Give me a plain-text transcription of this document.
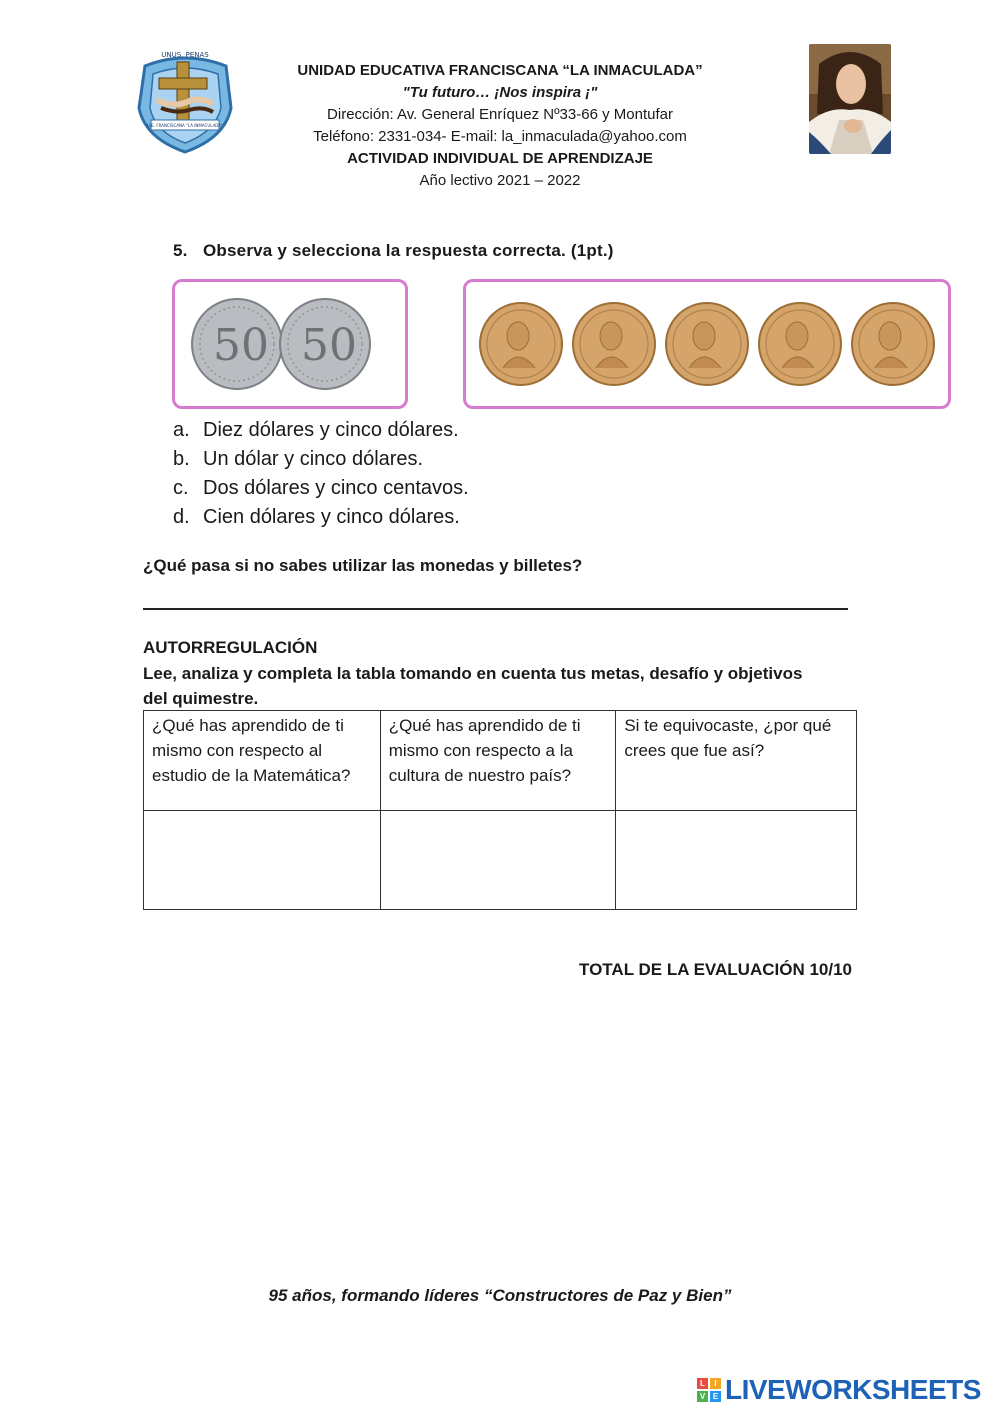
UNUS. PENAS
U.E. FRANCISCANA "LA INMACULADA"
UNIDAD EDUCATIVA FRANCISCANA “LA INMACULADA”
"Tu futuro… ¡Nos inspira ¡"
Dirección: Av. General Enríquez Nº33-66 y Montufar
Teléfono: 2331-034- E-mail: la_inmaculada@yahoo.com
ACTIVIDAD INDIVIDUAL DE APRENDIZAJE
Año lectivo 2021 – 2022
5. Observa y selecciona la respuesta correcta. (1pt.)
50 50
a. Diez dólares y cinco dólares.
b. Un dólar y cinco dólares.
c. Dos dólares y cinco centavos.
d. Cien dólares y cinco dólares.
¿Qué pasa si no sabes utilizar las monedas y billetes?
AUTORREGULACIÓN
Lee, analiza y completa la tabla tomando en cuenta tus metas, desafío y objetivos del quimestre.
¿Qué has aprendido de ti mismo con respecto al estudio de la Matemática?	¿Qué has aprendido de ti mismo con respecto a la cultura de nuestro país?	Si te equivocaste, ¿por qué crees que fue así?

TOTAL DE LA EVALUACIÓN 10/10
95 años, formando líderes “Constructores de Paz y Bien”
L	I
V E LIVEWORKSHEETS
